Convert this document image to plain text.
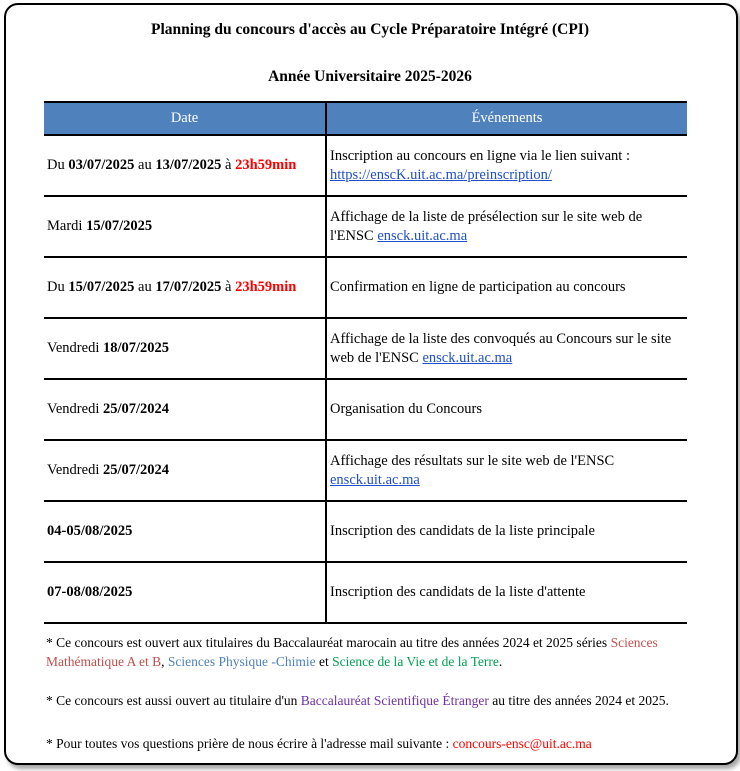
Planning du concours d'accès au Cycle Préparatoire Intégré (CPI)
Année Universitaire 2025-2026
Date	Événements
Du 03/07/2025 au 13/07/2025 à 23h59min	Inscription au concours en ligne via le lien suivant :
https://enscK.uit.ac.ma/preinscription/
Mardi 15/07/2025	Affichage de la liste de présélection sur le site web de l'ENSC ensck.uit.ac.ma
Du 15/07/2025 au 17/07/2025 à 23h59min	Confirmation en ligne de participation au concours
Vendredi 18/07/2025	Affichage de la liste des convoqués au Concours sur le site web de l'ENSC ensck.uit.ac.ma
Vendredi 25/07/2024	Organisation du Concours
Vendredi 25/07/2024	Affichage des résultats sur le site web de l'ENSC
ensck.uit.ac.ma
04-05/08/2025	Inscription des candidats de la liste principale
07-08/08/2025	Inscription des candidats de la liste d'attente
* Ce concours est ouvert aux titulaires du Baccalauréat marocain au titre des années 2024 et 2025 séries Sciences Mathématique A et B, Sciences Physique -Chimie et Science de la Vie et de la Terre.
* Ce concours est aussi ouvert au titulaire d'un Baccalauréat Scientifique Étranger au titre des années 2024 et 2025.
* Pour toutes vos questions prière de nous écrire à l'adresse mail suivante : concours-ensc@uit.ac.ma
